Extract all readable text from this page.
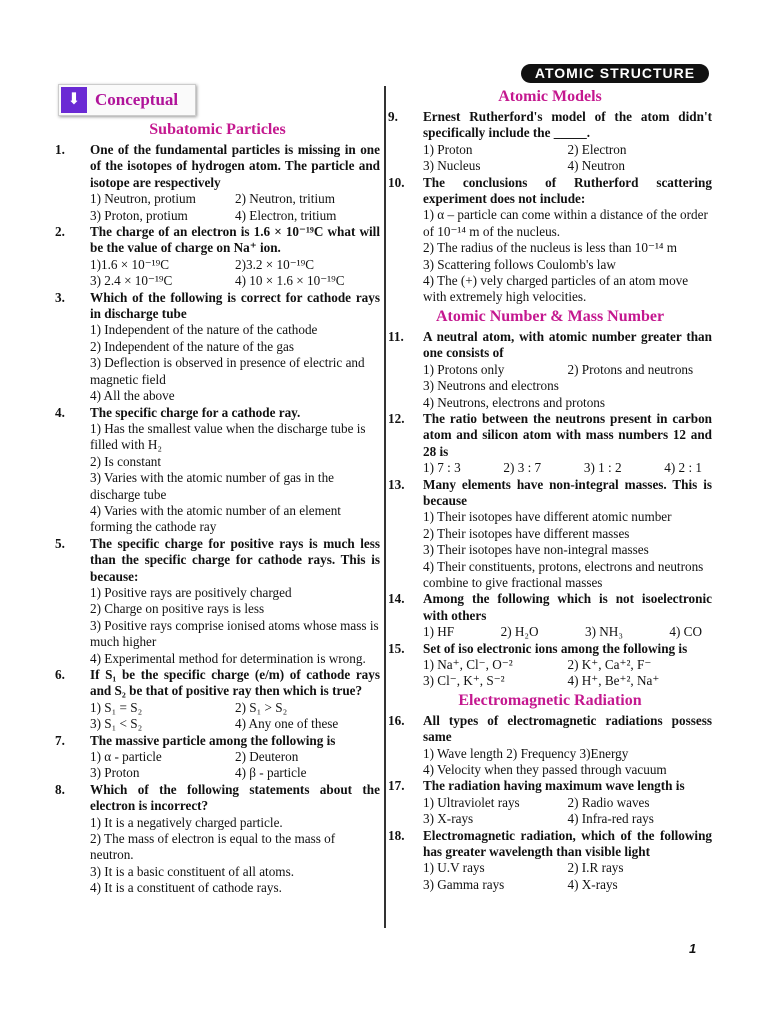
ATOMIC STRUCTURE
⬇ Conceptual
Subatomic Particles
1. One of the fundamental particles is missing in one of the isotopes of hydrogen atom. The particle and isotope are respectively
1) Neutron, protium	2) Neutron, tritium
3) Proton, protium	4) Electron, tritium
2. The charge of an electron is 1.6 × 10⁻¹⁹C what will be the value of charge on Na⁺ ion.
1)1.6 × 10⁻¹⁹C	2)3.2 × 10⁻¹⁹C
3) 2.4 × 10⁻¹⁹C	4) 10 × 1.6 × 10⁻¹⁹C
3. Which of the following is correct for cathode rays in discharge tube
1) Independent of the nature of the cathode
2) Independent of the nature of the gas
3) Deflection is observed in presence of electric and magnetic field
4) All the above
4. The specific charge for a cathode ray.
1) Has the smallest value when the discharge tube is filled with H₂
2) Is constant
3) Varies with the atomic number of gas in the discharge tube
4) Varies with the atomic number of an element forming the cathode ray
5. The specific charge for positive rays is much less than the specific charge for cathode rays. This is because:
1) Positive rays are positively charged
2) Charge on positive rays is less
3) Positive rays comprise ionised atoms whose mass is much higher
4) Experimental method for determination is wrong.
6. If S₁ be the specific charge (e/m) of cathode rays and S₂ be that of positive ray then which is true?
1) S₁ = S₂	2) S₁ > S₂
3) S₁ < S₂	4) Any one of these
7. The massive particle among the following is
1) α - particle	2) Deuteron
3) Proton	4) β - particle
8. Which of the following statements about the electron is incorrect?
1) It is a negatively charged particle.
2) The mass of electron is equal to the mass of neutron.
3) It is a basic constituent of all atoms.
4) It is a constituent of cathode rays.
Atomic Models
9. Ernest Rutherford's model of the atom didn't specifically include the _____.
1) Proton	2) Electron
3) Nucleus	4) Neutron
10. The conclusions of Rutherford scattering experiment does not include:
1) α – particle can come within a distance of the order of 10⁻¹⁴ m of the nucleus.
2) The radius of the nucleus is less than 10⁻¹⁴ m
3) Scattering follows Coulomb's law
4) The (+) vely charged particles of an atom move with extremely high velocities.
Atomic Number & Mass Number
11. A neutral atom, with atomic number greater than one consists of
1) Protons only	2) Protons and neutrons
3) Neutrons and electrons
4) Neutrons, electrons and protons
12. The ratio between the neutrons present in carbon atom and silicon atom with mass numbers 12 and 28 is
1) 7 : 3	2) 3 : 7	3) 1 : 2	4) 2 : 1
13. Many elements have non-integral masses. This is because
1) Their isotopes have different atomic number
2) Their isotopes have different masses
3) Their isotopes have non-integral masses
4) Their constituents, protons, electrons and neutrons combine to give fractional masses
14. Among the following which is not isoelectronic with others
1) HF	2) H₂O	3) NH₃	4) CO
15. Set of iso electronic ions among the following is
1) Na⁺, Cl⁻, O⁻²	2) K⁺, Ca⁺², F⁻
3) Cl⁻, K⁺, S⁻²	4) H⁺, Be⁺², Na⁺
Electromagnetic Radiation
16. All types of electromagnetic radiations possess same
1) Wave length 2) Frequency 3)Energy
4) Velocity when they passed through vacuum
17. The radiation having maximum wave length is
1) Ultraviolet rays	2) Radio waves
3) X-rays	4) Infra-red rays
18. Electromagnetic radiation, which of the following has greater wavelength than visible light
1) U.V rays	2) I.R rays
3) Gamma rays	4) X-rays
1
